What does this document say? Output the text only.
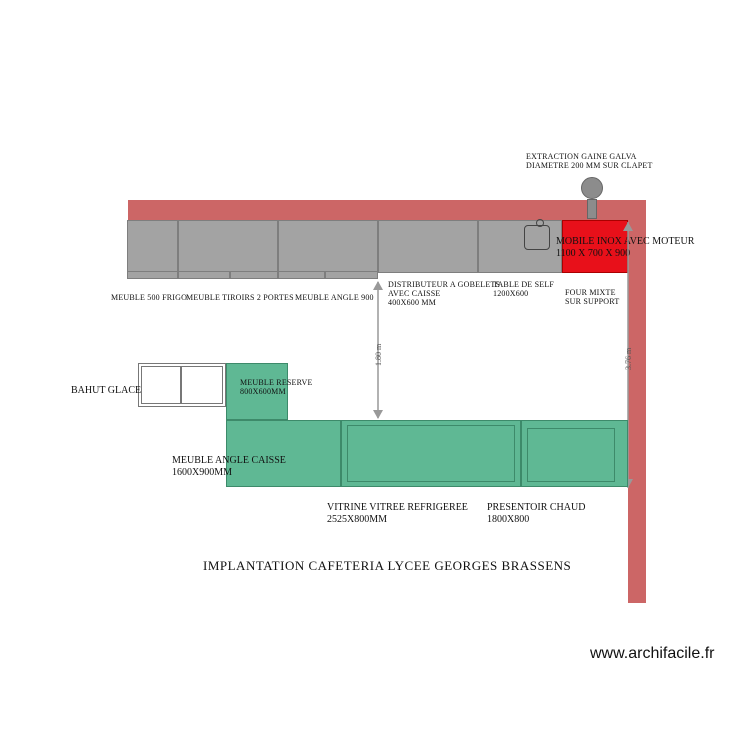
EXTRACTION GAINE GALVA
DIAMETRE 200 MM SUR CLAPET
MOBILE INOX AVEC MOTEUR
1100 X 700 X 900
MEUBLE 500 FRIGO
MEUBLE TIROIRS 2 PORTES MEUBLE ANGLE 900
DISTRIBUTEUR A GOBELETS
AVEC CAISSE
400X600 MM
TABLE DE SELF
1200X600	FOUR MIXTE
SUR SUPPORT
1.80 m	3.76 m
BAHUT GLACE
MEUBLE RESERVE
800X600MM
MEUBLE ANGLE CAISSE
1600X900MM
VITRINE VITREE REFRIGEREE
2525X800MM
PRESENTOIR CHAUD
1800X800
IMPLANTATION CAFETERIA LYCEE GEORGES BRASSENS
www.archifacile.fr
